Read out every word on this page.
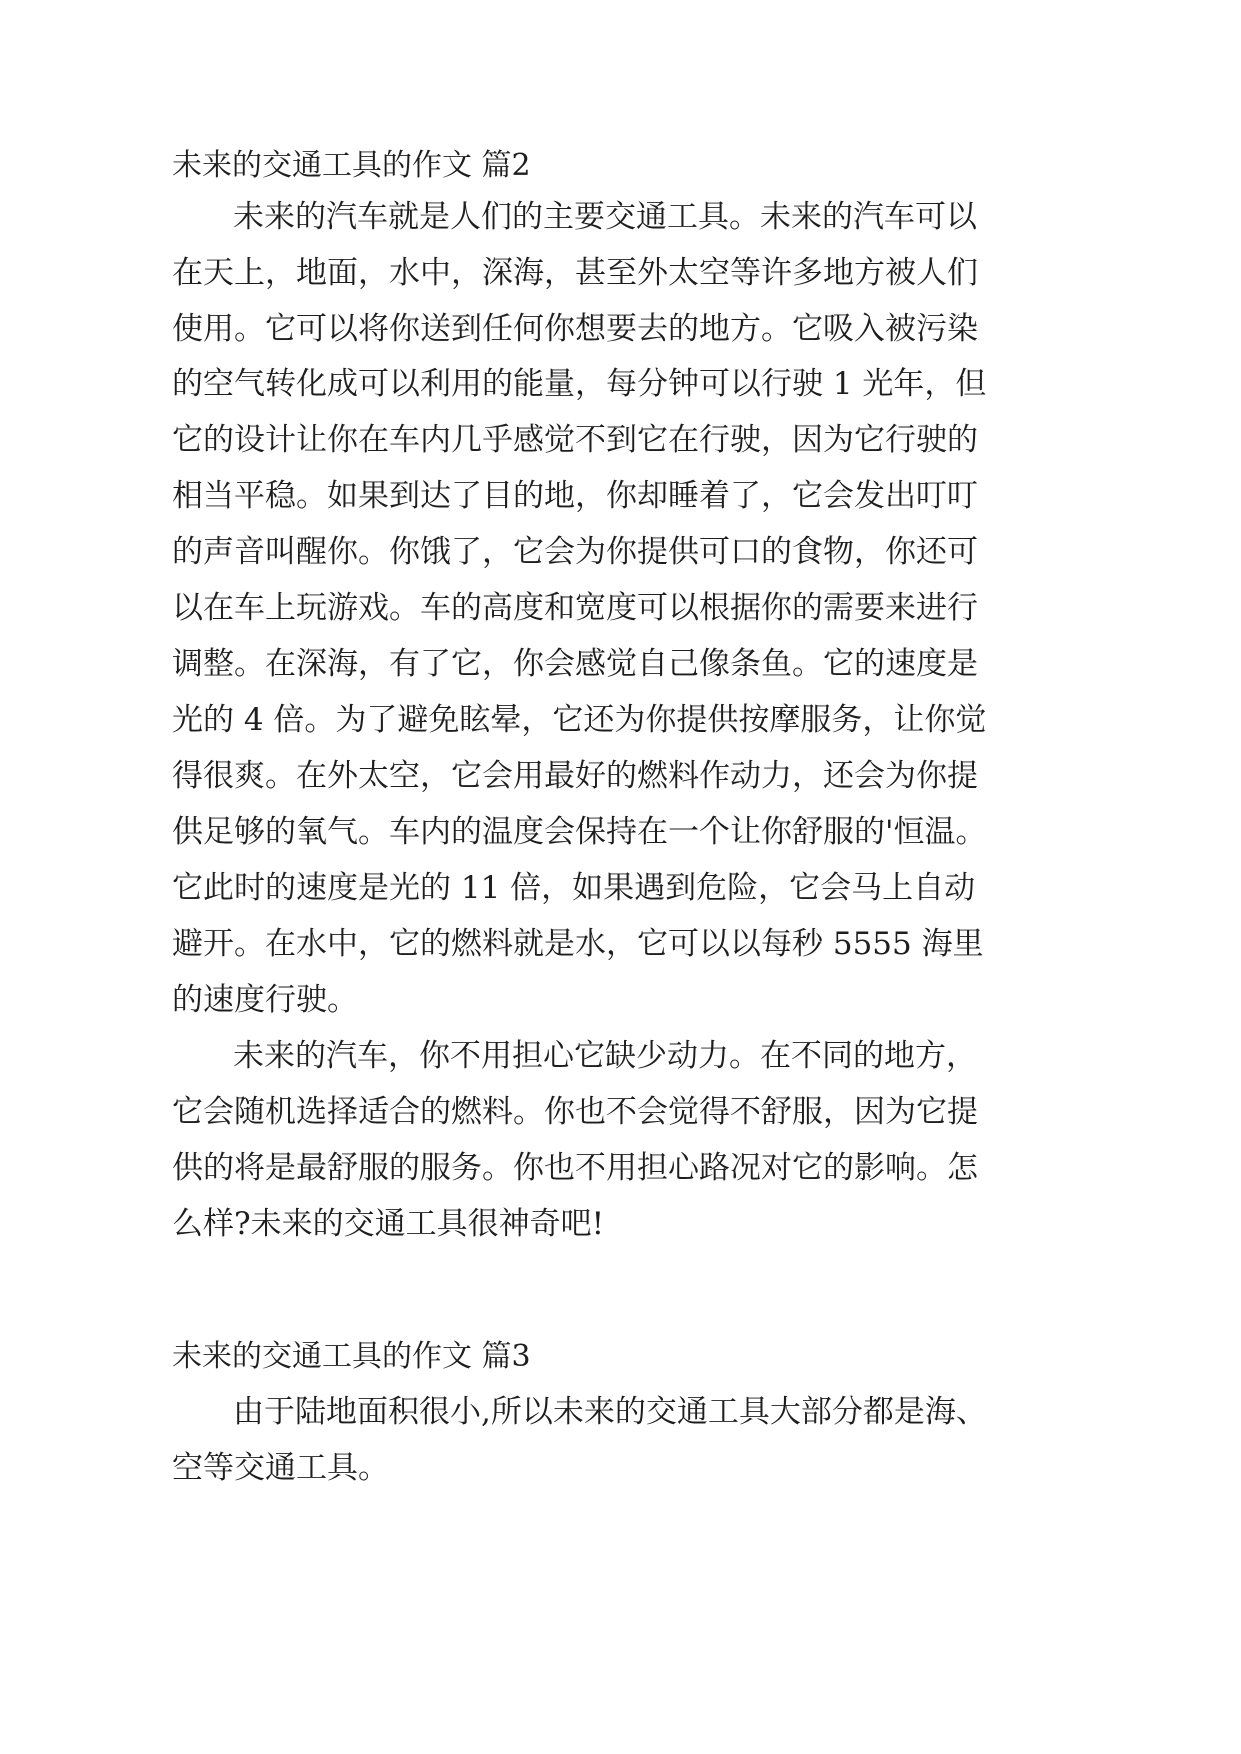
未来的交通工具的作文 篇2
未来的汽车就是人们的主要交通工具。未来的汽车可以
在天上，地面，水中，深海，甚至外太空等许多地方被人们
使用。它可以将你送到任何你想要去的地方。它吸入被污染
的空气转化成可以利用的能量，每分钟可以行驶 1 光年，但
它的设计让你在车内几乎感觉不到它在行驶，因为它行驶的
相当平稳。如果到达了目的地，你却睡着了，它会发出叮叮
的声音叫醒你。你饿了，它会为你提供可口的食物，你还可
以在车上玩游戏。车的高度和宽度可以根据你的需要来进行
调整。在深海，有了它，你会感觉自己像条鱼。它的速度是
光的 4 倍。为了避免眩晕，它还为你提供按摩服务，让你觉
得很爽。在外太空，它会用最好的燃料作动力，还会为你提
供足够的氧气。车内的温度会保持在一个让你舒服的'恒温。
它此时的速度是光的 11 倍，如果遇到危险，它会马上自动
避开。在水中，它的燃料就是水，它可以以每秒 5555 海里
的速度行驶。
未来的汽车，你不用担心它缺少动力。在不同的地方，
它会随机选择适合的燃料。你也不会觉得不舒服，因为它提
供的将是最舒服的服务。你也不用担心路况对它的影响。怎
么样?未来的交通工具很神奇吧!
未来的交通工具的作文 篇3
由于陆地面积很小,所以未来的交通工具大部分都是海、
空等交通工具。
